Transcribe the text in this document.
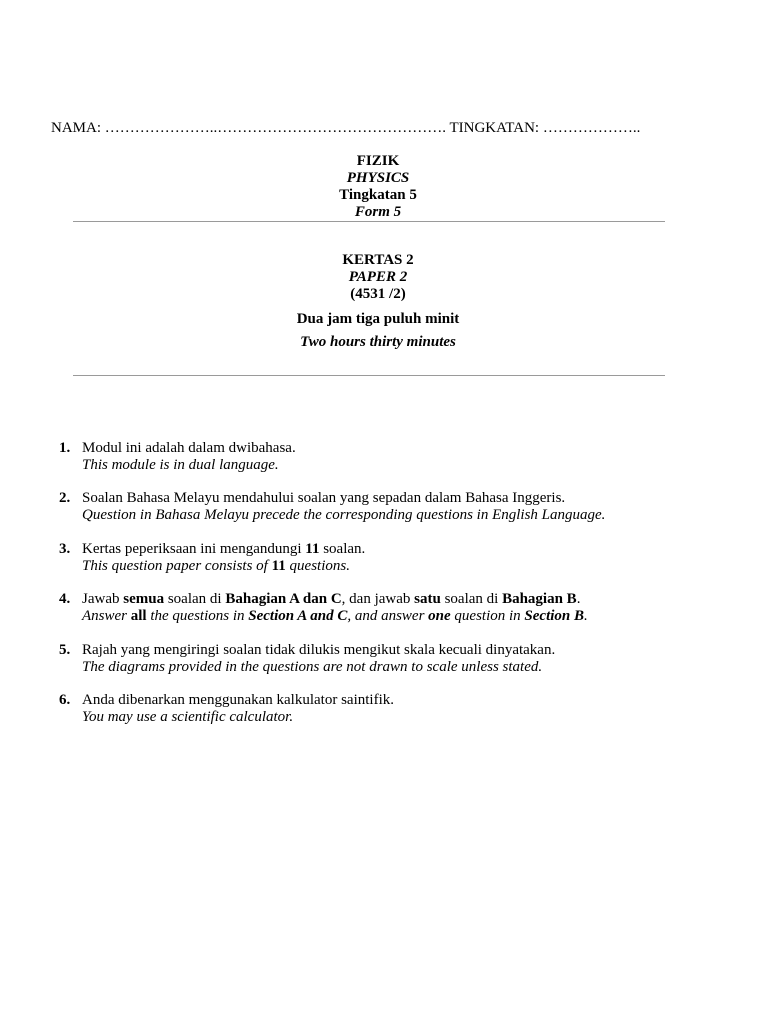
NAMA: …………………..………………………………………. TINGKATAN: ………………..
FIZIK
PHYSICS
Tingkatan 5
Form 5
KERTAS 2
PAPER 2
(4531 /2)
Dua jam tiga puluh minit
Two hours thirty minutes
1. Modul ini adalah dalam dwibahasa.
This module is in dual language.
2. Soalan Bahasa Melayu mendahului soalan yang sepadan dalam Bahasa Inggeris.
Question in Bahasa Melayu precede the corresponding questions in English Language.
3. Kertas peperiksaan ini mengandungi 11 soalan.
This question paper consists of 11 questions.
4. Jawab semua soalan di Bahagian A dan C, dan jawab satu soalan di Bahagian B.
Answer all the questions in Section A and C, and answer one question in Section B.
5. Rajah yang mengiringi soalan tidak dilukis mengikut skala kecuali dinyatakan.
The diagrams provided in the questions are not drawn to scale unless stated.
6. Anda dibenarkan menggunakan kalkulator saintifik.
You may use a scientific calculator.
